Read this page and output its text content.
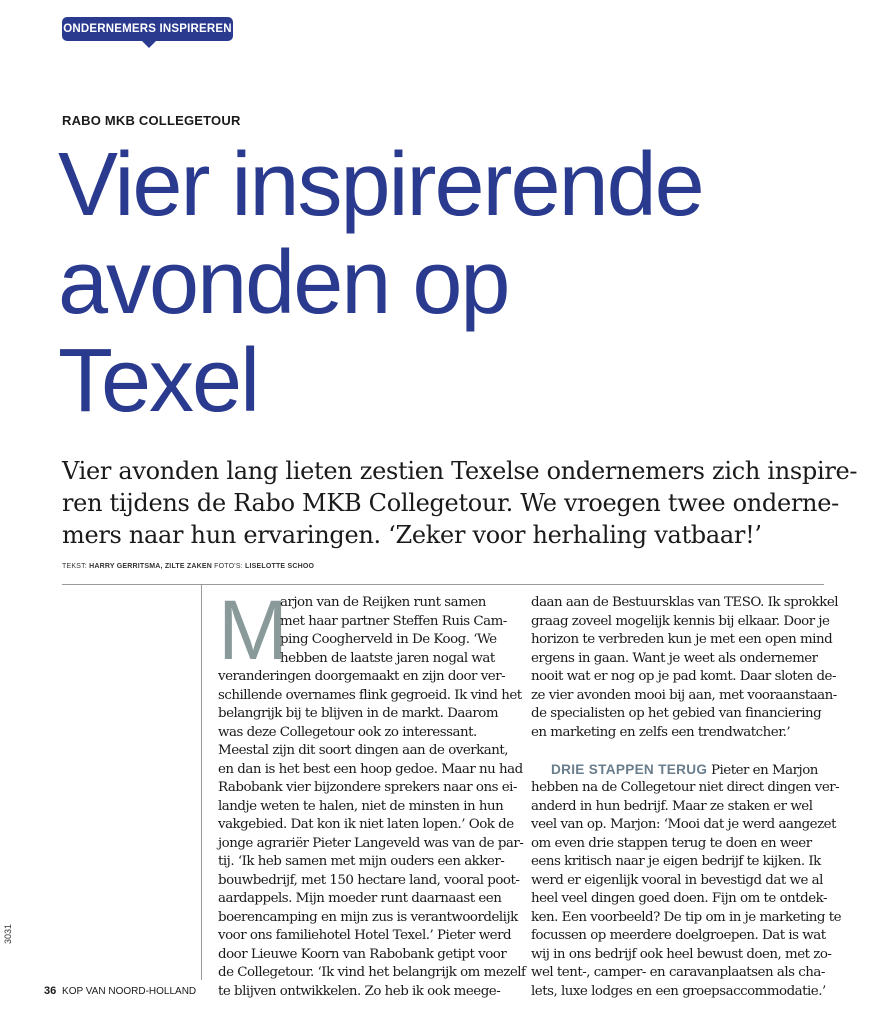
ONDERNEMERS INSPIREREN
RABO MKB COLLEGETOUR
Vier inspirerende
avonden op
Texel

Vier avonden lang lieten zestien Texelse ondernemers zich inspire-
ren tijdens de Rabo MKB Collegetour. We vroegen twee onderne-
mers naar hun ervaringen. ‘Zeker voor herhaling vatbaar!’

TEKST: HARRY GERRITSMA, ZILTE ZAKEN FOTO'S: LISELOTTE SCHOO
M
arjon van de Reijken runt samen
met haar partner Steffen Ruis Cam-
ping Coogherveld in De Koog. ‘We
hebben de laatste jaren nogal wat
veranderingen doorgemaakt en zijn door ver-
schillende overnames flink gegroeid. Ik vind het
belangrijk bij te blijven in de markt. Daarom
was deze Collegetour ook zo interessant.
Meestal zijn dit soort dingen aan de overkant,
en dan is het best een hoop gedoe. Maar nu had
Rabobank vier bijzondere sprekers naar ons ei-
landje weten te halen, niet de minsten in hun
vakgebied. Dat kon ik niet laten lopen.’ Ook de
jonge agrariër Pieter Langeveld was van de par-
tij. ‘Ik heb samen met mijn ouders een akker-
bouwbedrijf, met 150 hectare land, vooral poot-
aardappels. Mijn moeder runt daarnaast een
boerencamping en mijn zus is verantwoordelijk
voor ons familiehotel Hotel Texel.’ Pieter werd
door Lieuwe Koorn van Rabobank getipt voor
de Collegetour. ‘Ik vind het belangrijk om mezelf
te blijven ontwikkelen. Zo heb ik ook meege-
daan aan de Bestuursklas van TESO. Ik sprokkel
graag zoveel mogelijk kennis bij elkaar. Door je
horizon te verbreden kun je met een open mind
ergens in gaan. Want je weet als ondernemer
nooit wat er nog op je pad komt. Daar sloten de-
ze vier avonden mooi bij aan, met vooraanstaan-
de specialisten op het gebied van financiering
en marketing en zelfs een trendwatcher.’
DRIE STAPPEN TERUG Pieter en Marjon
hebben na de Collegetour niet direct dingen ver-
anderd in hun bedrijf. Maar ze staken er wel
veel van op. Marjon: ‘Mooi dat je werd aangezet
om even drie stappen terug te doen en weer
eens kritisch naar je eigen bedrijf te kijken. Ik
werd er eigenlijk vooral in bevestigd dat we al
heel veel dingen goed doen. Fijn om te ontdek-
ken. Een voorbeeld? De tip om in je marketing te
focussen op meerdere doelgroepen. Dat is wat
wij in ons bedrijf ook heel bewust doen, met zo-
wel tent-, camper- en caravanplaatsen als cha-
lets, luxe lodges en een groepsaccommodatie.’
3031
36 KOP VAN NOORD-HOLLAND
